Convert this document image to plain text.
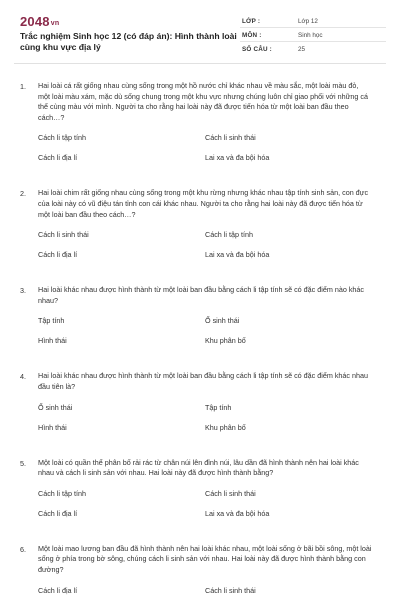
2048vn
Trắc nghiệm Sinh học 12 (có đáp án): Hình thành loài cùng khu vực địa lý
LỚP :	Lớp 12
MÔN :	Sinh học
SỐ CÂU :	25
1. Hai loài cá rất giống nhau cùng sống trong một hồ nước chỉ khác nhau về màu sắc, một loài màu đỏ, một loài màu xám, mặc dù sống chung trong một khu vực nhưng chúng luôn chỉ giao phối với những cá thể cùng màu với mình. Người ta cho rằng hai loài này đã được tiến hóa từ một loài ban đầu theo cách…?
Cách li tập tính	Cách li sinh thái
Cách li địa lí	Lai xa và đa bội hóa
2. Hai loài chim rất giống nhau cùng sống trong một khu rừng nhưng khác nhau tập tính sinh sản, con đực của loài này có vũ điệu tán tỉnh con cái khác nhau. Người ta cho rằng hai loài này đã được tiến hóa từ một loài ban đầu theo cách…?
Cách li sinh thái	Cách li tập tính
Cách li địa lí	Lai xa và đa bội hóa
3. Hai loài khác nhau được hình thành từ một loài ban đầu bằng cách li tập tính sẽ có đặc điểm nào khác nhau?
Tập tính	Ổ sinh thái
Hình thái	Khu phân bố
4. Hai loài khác nhau được hình thành từ một loài ban đầu bằng cách li tập tính sẽ có đặc điểm khác nhau đầu tiên là?
Ổ sinh thái	Tập tính
Hình thái	Khu phân bố
5. Một loài có quần thể phân bố rải rác từ chân núi lên đỉnh núi, lâu dần đã hình thành nên hai loài khác nhau và cách li sinh sản với nhau. Hai loài này đã được hình thành bằng?
Cách li tập tính	Cách li sinh thái
Cách li địa lí	Lai xa và đa bội hóa
6. Một loài mao lương ban đầu đã hình thành nên hai loài khác nhau, một loài sống ở bãi bồi sông, một loài sống ở phía trong bờ sông, chúng cách li sinh sản với nhau. Hai loài này đã được hình thành bằng con đường?
Cách li địa lí	Cách li sinh thái
